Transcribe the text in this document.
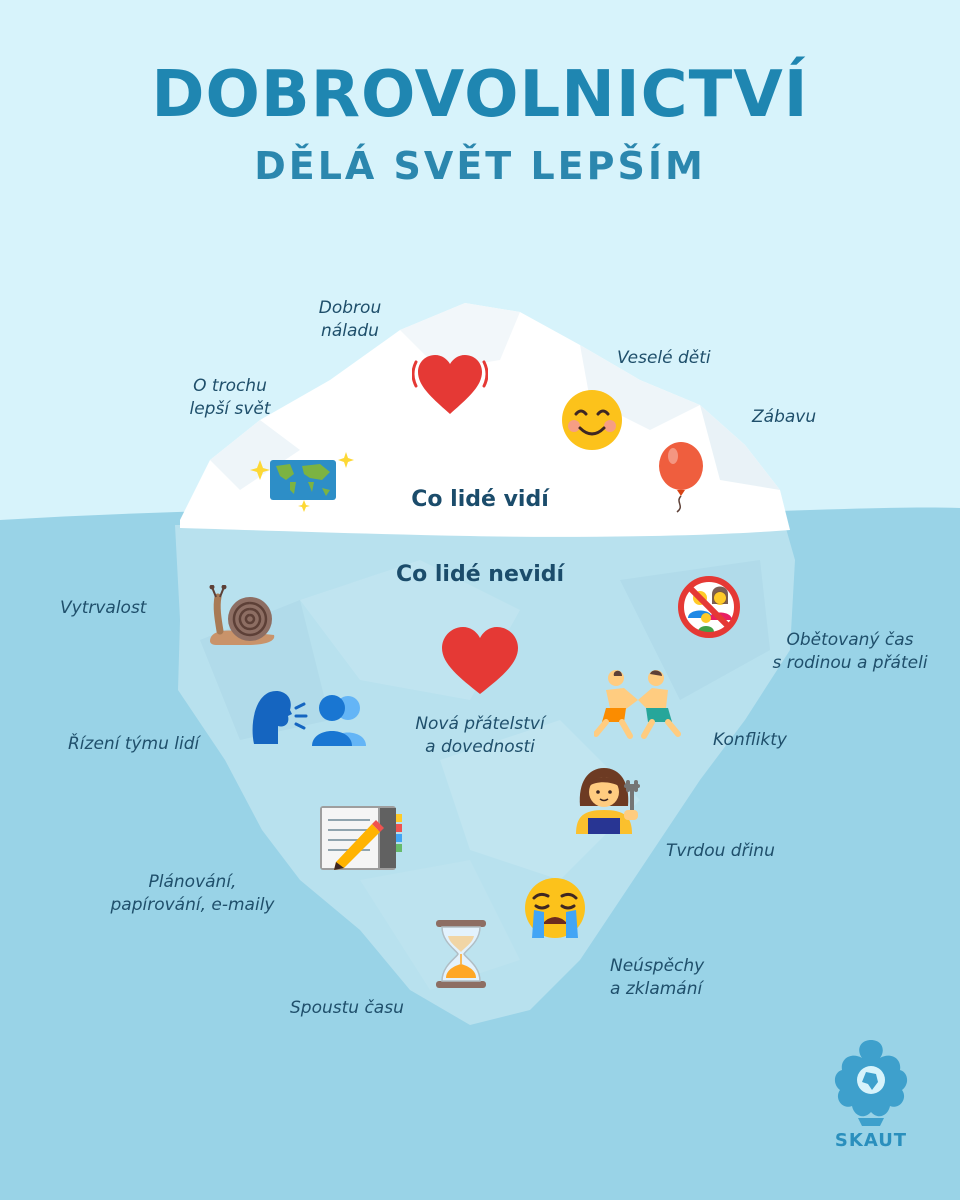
DOBROVOLNICTVÍ
DĚLÁ SVĚT LEPŠÍM
Co lidé vidí
Co lidé nevidí
Dobrou
náladu
Veselé děti
O trochu
lepší svět	Zábavu
Vytrvalost
Obětovaný čas
s rodinou a přáteli
Nová přátelství
a dovednosti
Řízení týmu lidí	Konflikty
Tvrdou dřinu
Plánování,
papírování, e-maily
Neúspěchy
a zklamání
Spoustu času
SKAUT
